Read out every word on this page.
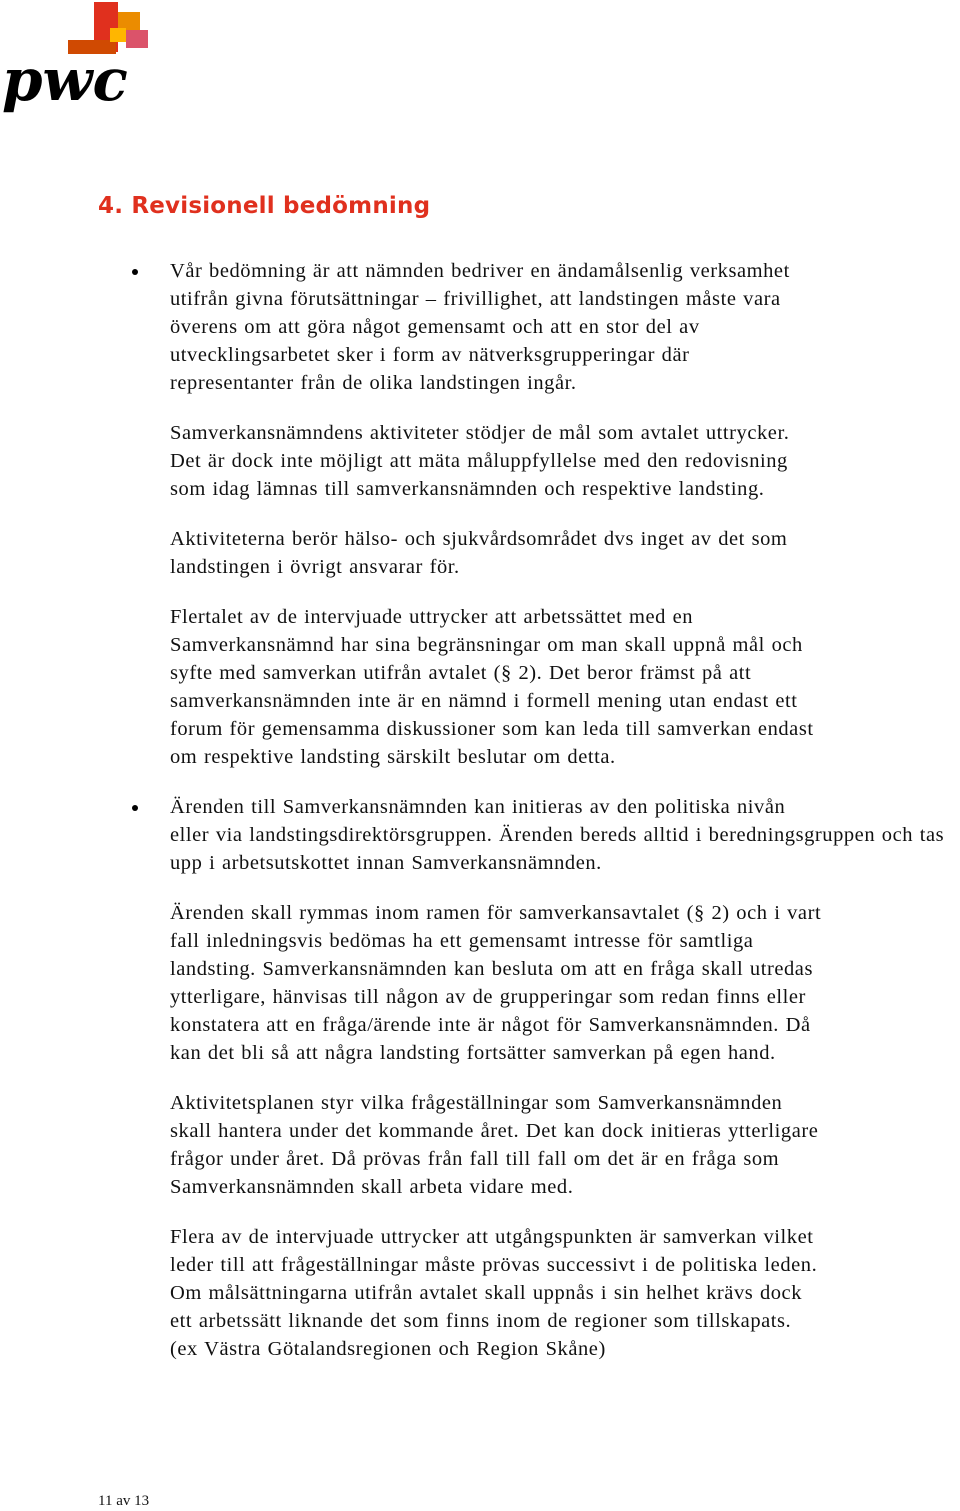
pwc
4. Revisionell bedömning

Vår bedömning är att nämnden bedriver en ändamålsenlig verksamhet
utifrån givna förutsättningar – frivillighet, att landstingen måste vara
överens om att göra något gemensamt och att en stor del av
utvecklingsarbetet sker i form av nätverksgrupperingar där
representanter från de olika landstingen ingår.

Samverkansnämndens aktiviteter stödjer de mål som avtalet uttrycker.
Det är dock inte möjligt att mäta måluppfyllelse med den redovisning
som idag lämnas till samverkansnämnden och respektive landsting.

Aktiviteterna berör hälso- och sjukvårdsområdet dvs inget av det som
landstingen i övrigt ansvarar för.

Flertalet av de intervjuade uttrycker att arbetssättet med en
Samverkansnämnd har sina begränsningar om man skall uppnå mål och
syfte med samverkan utifrån avtalet (§ 2). Det beror främst på att
samverkansnämnden inte är en nämnd i formell mening utan endast ett
forum för gemensamma diskussioner som kan leda till samverkan endast
om respektive landsting särskilt beslutar om detta.

Ärenden till Samverkansnämnden kan initieras av den politiska nivån
eller via landstingsdirektörsgruppen. Ärenden bereds alltid i beredningsgruppen och tas upp i arbetsutskottet innan Samverkansnämnden.

Ärenden skall rymmas inom ramen för samverkansavtalet (§ 2) och i vart
fall inledningsvis bedömas ha ett gemensamt intresse för samtliga
landsting. Samverkansnämnden kan besluta om att en fråga skall utredas
ytterligare, hänvisas till någon av de grupperingar som redan finns eller
konstatera att en fråga/ärende inte är något för Samverkansnämnden. Då
kan det bli så att några landsting fortsätter samverkan på egen hand.

Aktivitetsplanen styr vilka frågeställningar som Samverkansnämnden
skall hantera under det kommande året. Det kan dock initieras ytterligare
frågor under året. Då prövas från fall till fall om det är en fråga som
Samverkansnämnden skall arbeta vidare med.

Flera av de intervjuade uttrycker att utgångspunkten är samverkan vilket
leder till att frågeställningar måste prövas successivt i de politiska leden.
Om målsättningarna utifrån avtalet skall uppnås i sin helhet krävs dock
ett arbetssätt liknande det som finns inom de regioner som tillskapats.
(ex Västra Götalandsregionen och Region Skåne)

11 av 13
